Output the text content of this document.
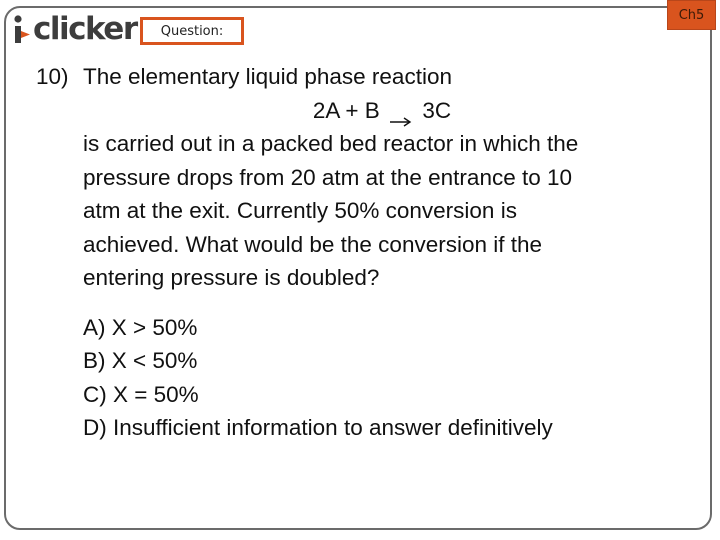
clicker	Question:
Ch5
10) The elementary liquid phase reaction
2A + B → 3C
is carried out in a packed bed reactor in which the
pressure drops from 20 atm at the entrance to 10
atm at the exit. Currently 50% conversion is
achieved. What would be the conversion if the
entering pressure is doubled?
A) X > 50%
B) X < 50%
C) X = 50%
D) Insufficient information to answer definitively
